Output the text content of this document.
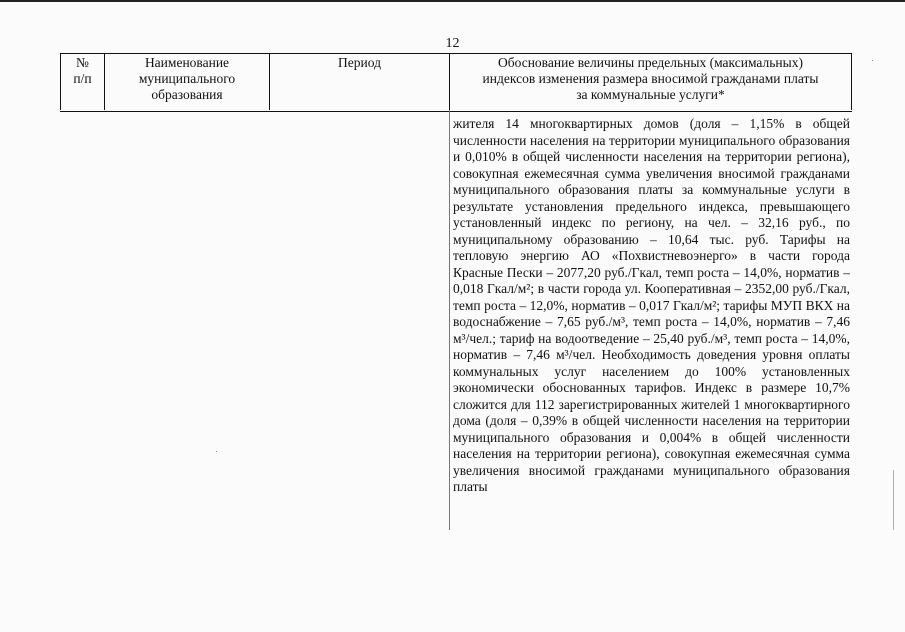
12
№
п/п
Наименование
муниципального
образования
Период	Обоснование величины предельных (максимальных)
индексов изменения размера вносимой гражданами платы
за коммунальные услуги*

жителя 14 многоквартирных домов (доля – 1,15% в общей численности населения на территории муниципального образования и 0,010% в общей численности населения на территории региона), совокупная ежемесячная сумма увеличения вносимой гражданами муниципального образования платы за коммунальные услуги в результате установления предельного индекса, превышающего установленный индекс по региону, на чел. – 32,16 руб., по муниципальному образованию – 10,64 тыс. руб. Тарифы на тепловую энергию АО «Похвистневоэнерго» в части города Красные Пески – 2077,20 руб./Гкал, темп роста – 14,0%, норматив – 0,018 Гкал/м²; в части города ул. Кооперативная – 2352,00 руб./Гкал, темп роста – 12,0%, норматив – 0,017 Гкал/м²; тарифы МУП ВКХ на водоснабжение – 7,65 руб./м³, темп роста – 14,0%, норматив – 7,46 м³/чел.; тариф на водоотведение – 25,40 руб./м³, темп роста – 14,0%, норматив – 7,46 м³/чел. Необходимость доведения уровня оплаты коммунальных услуг населением до 100% установленных экономически обоснованных тарифов. Индекс в размере 10,7% сложится для 112 зарегистрированных жителей 1 многоквартирного дома (доля – 0,39% в общей численности населения на территории муниципального образования и 0,004% в общей численности населения на территории региона), совокупная ежемесячная сумма увеличения вносимой гражданами муниципального образования платы
